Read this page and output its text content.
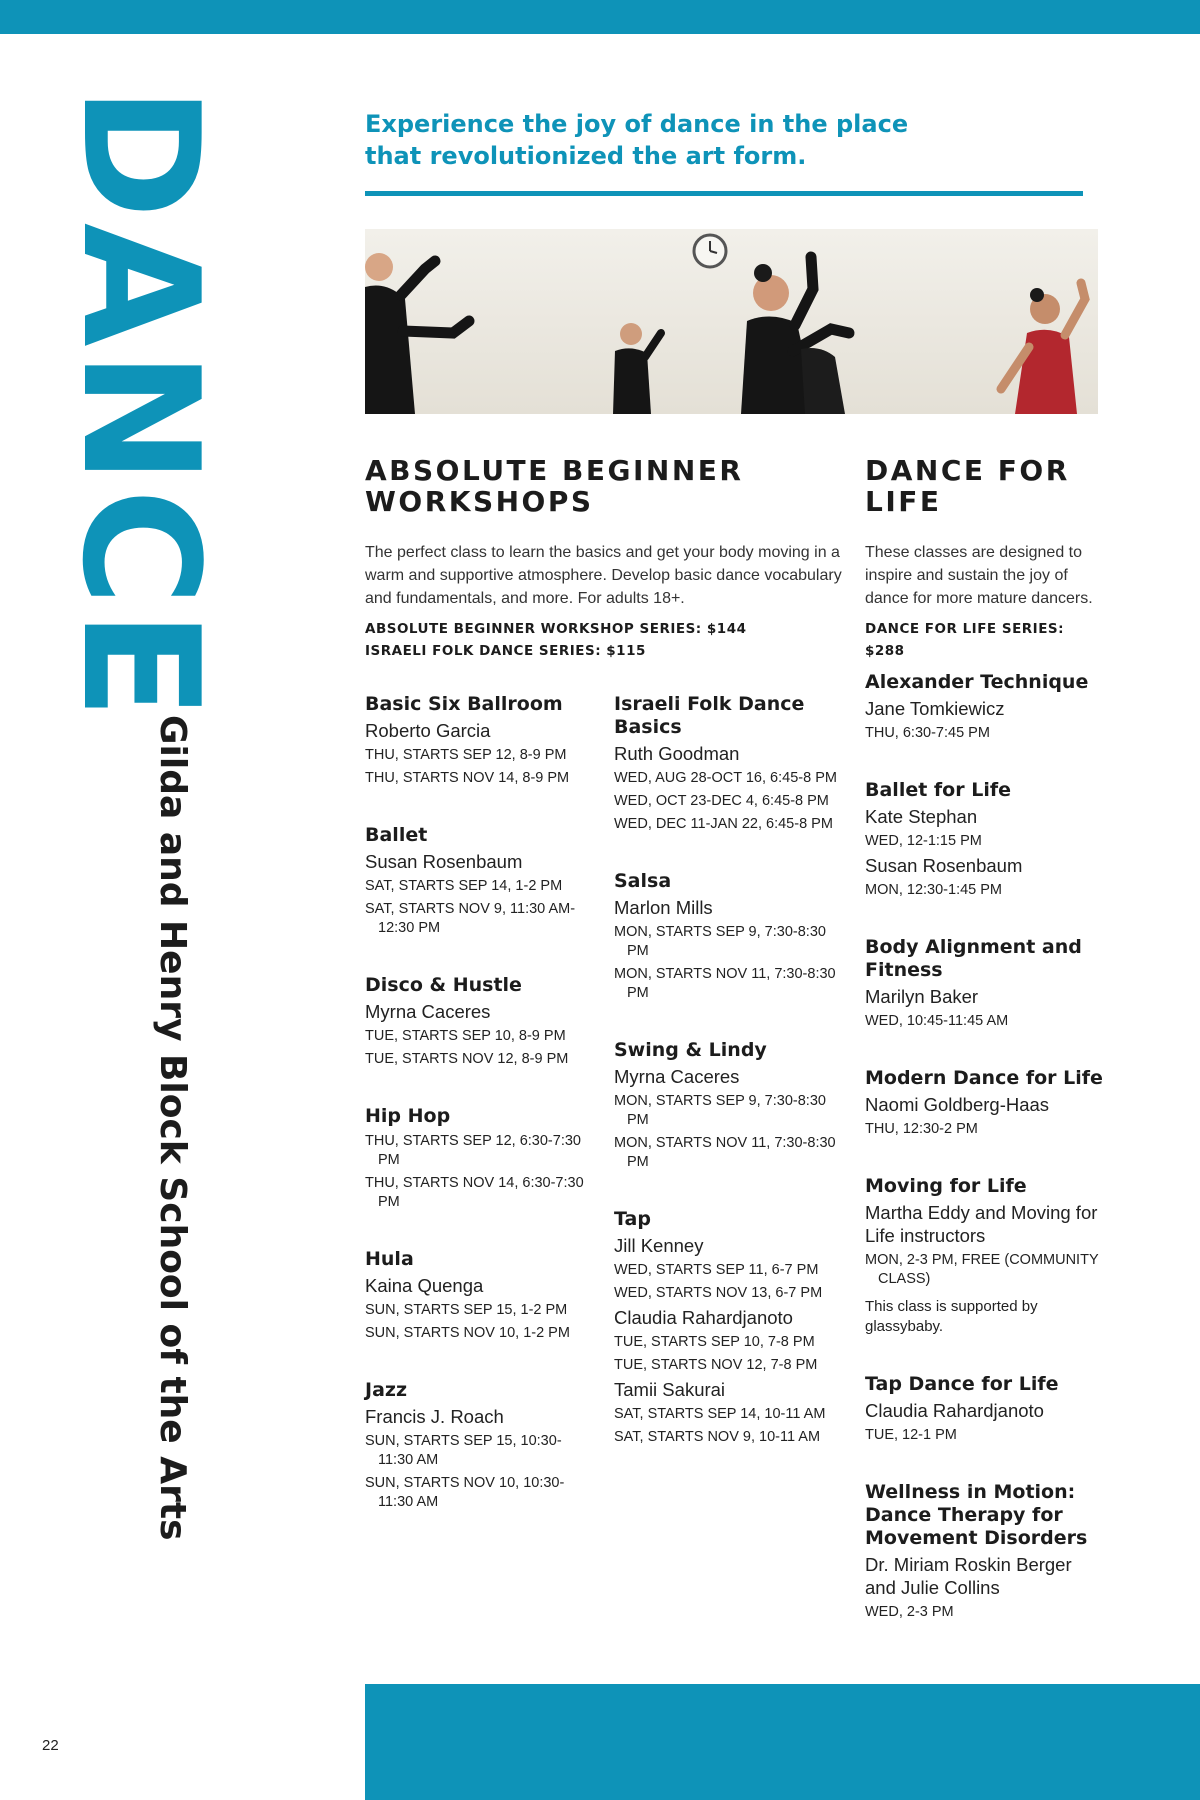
DANCE
Gilda and Henry Block School of the Arts
Experience the joy of dance in the place that revolutionized the art form.
ABSOLUTE BEGINNER WORKSHOPS
The perfect class to learn the basics and get your body moving in a warm and supportive atmosphere. Develop basic dance vocabulary and fundamentals, and more. For adults 18+.
ABSOLUTE BEGINNER WORKSHOP SERIES: $144
ISRAELI FOLK DANCE SERIES: $115
DANCE FOR LIFE
These classes are designed to inspire and sustain the joy of dance for more mature dancers.
DANCE FOR LIFE SERIES: $288
Basic Six Ballroom
Roberto Garcia
THU, STARTS SEP 12, 8-9 PM
THU, STARTS NOV 14, 8-9 PM
Ballet
Susan Rosenbaum
SAT, STARTS SEP 14, 1-2 PM
SAT, STARTS NOV 9, 11:30 AM-12:30 PM
Disco & Hustle
Myrna Caceres
TUE, STARTS SEP 10, 8-9 PM
TUE, STARTS NOV 12, 8-9 PM
Hip Hop
THU, STARTS SEP 12, 6:30-7:30 PM
THU, STARTS NOV 14, 6:30-7:30 PM
Hula
Kaina Quenga
SUN, STARTS SEP 15, 1-2 PM
SUN, STARTS NOV 10, 1-2 PM
Jazz
Francis J. Roach
SUN, STARTS SEP 15, 10:30-11:30 AM
SUN, STARTS NOV 10, 10:30-11:30 AM
Israeli Folk Dance Basics
Ruth Goodman
WED, AUG 28-OCT 16, 6:45-8 PM
WED, OCT 23-DEC 4, 6:45-8 PM
WED, DEC 11-JAN 22, 6:45-8 PM
Salsa
Marlon Mills
MON, STARTS SEP 9, 7:30-8:30 PM
MON, STARTS NOV 11, 7:30-8:30 PM
Swing & Lindy
Myrna Caceres
MON, STARTS SEP 9, 7:30-8:30 PM
MON, STARTS NOV 11, 7:30-8:30 PM
Tap
Jill Kenney
WED, STARTS SEP 11, 6-7 PM
WED, STARTS NOV 13, 6-7 PM
Claudia Rahardjanoto
TUE, STARTS SEP 10, 7-8 PM
TUE, STARTS NOV 12, 7-8 PM
Tamii Sakurai
SAT, STARTS SEP 14, 10-11 AM
SAT, STARTS NOV 9, 10-11 AM
Alexander Technique
Jane Tomkiewicz
THU, 6:30-7:45 PM
Ballet for Life
Kate Stephan
WED, 12-1:15 PM
Susan Rosenbaum
MON, 12:30-1:45 PM
Body Alignment and Fitness
Marilyn Baker
WED, 10:45-11:45 AM
Modern Dance for Life
Naomi Goldberg-Haas
THU, 12:30-2 PM
Moving for Life
Martha Eddy and Moving for Life instructors
MON, 2-3 PM, FREE (COMMUNITY CLASS)
This class is supported by glassybaby.
Tap Dance for Life
Claudia Rahardjanoto
TUE, 12-1 PM
Wellness in Motion: Dance Therapy for Movement Disorders
Dr. Miriam Roskin Berger and Julie Collins
WED, 2-3 PM
22
